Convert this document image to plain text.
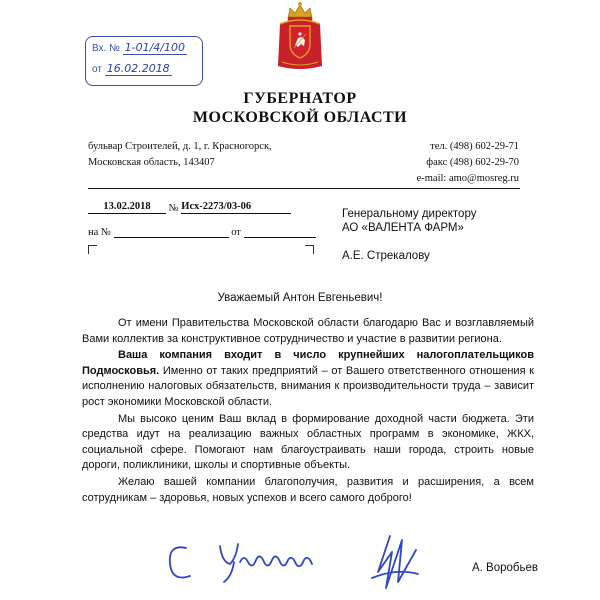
Вх. № 1-01/4/100
от 16.02.2018
ГУБЕРНАТОР
МОСКОВСКОЙ ОБЛАСТИ
бульвар Строителей, д. 1, г. Красногорск,
Московская область, 143407
тел. (498) 602-29-71
факс (498) 602-29-70
e-mail: amo@mosreg.ru
13.02.2018 № Исх-2273/03-06
на №	от
Генеральному директору
АО «ВАЛЕНТА ФАРМ»
А.Е. Стрекалову
Уважаемый Антон Евгеньевич!

От имени Правительства Московской области благодарю Вас и возглавляемый Вами коллектив за конструктивное сотрудничество и участие в развитии региона.

Ваша компания входит в число крупнейших налогоплательщиков Подмосковья. Именно от таких предприятий – от Вашего ответственного отношения к исполнению налоговых обязательств, внимания к производительности труда – зависит рост экономики Московской области.

Мы высоко ценим Ваш вклад в формирование доходной части бюджета. Эти средства идут на реализацию важных областных программ в экономике, ЖКХ, социальной сфере. Помогают нам благоустраивать наши города, строить новые дороги, поликлиники, школы и спортивные объекты.

Желаю вашей компании благополучия, развития и расширения, а всем сотрудникам – здоровья, новых успехов и всего самого доброго!

А. Воробьев
